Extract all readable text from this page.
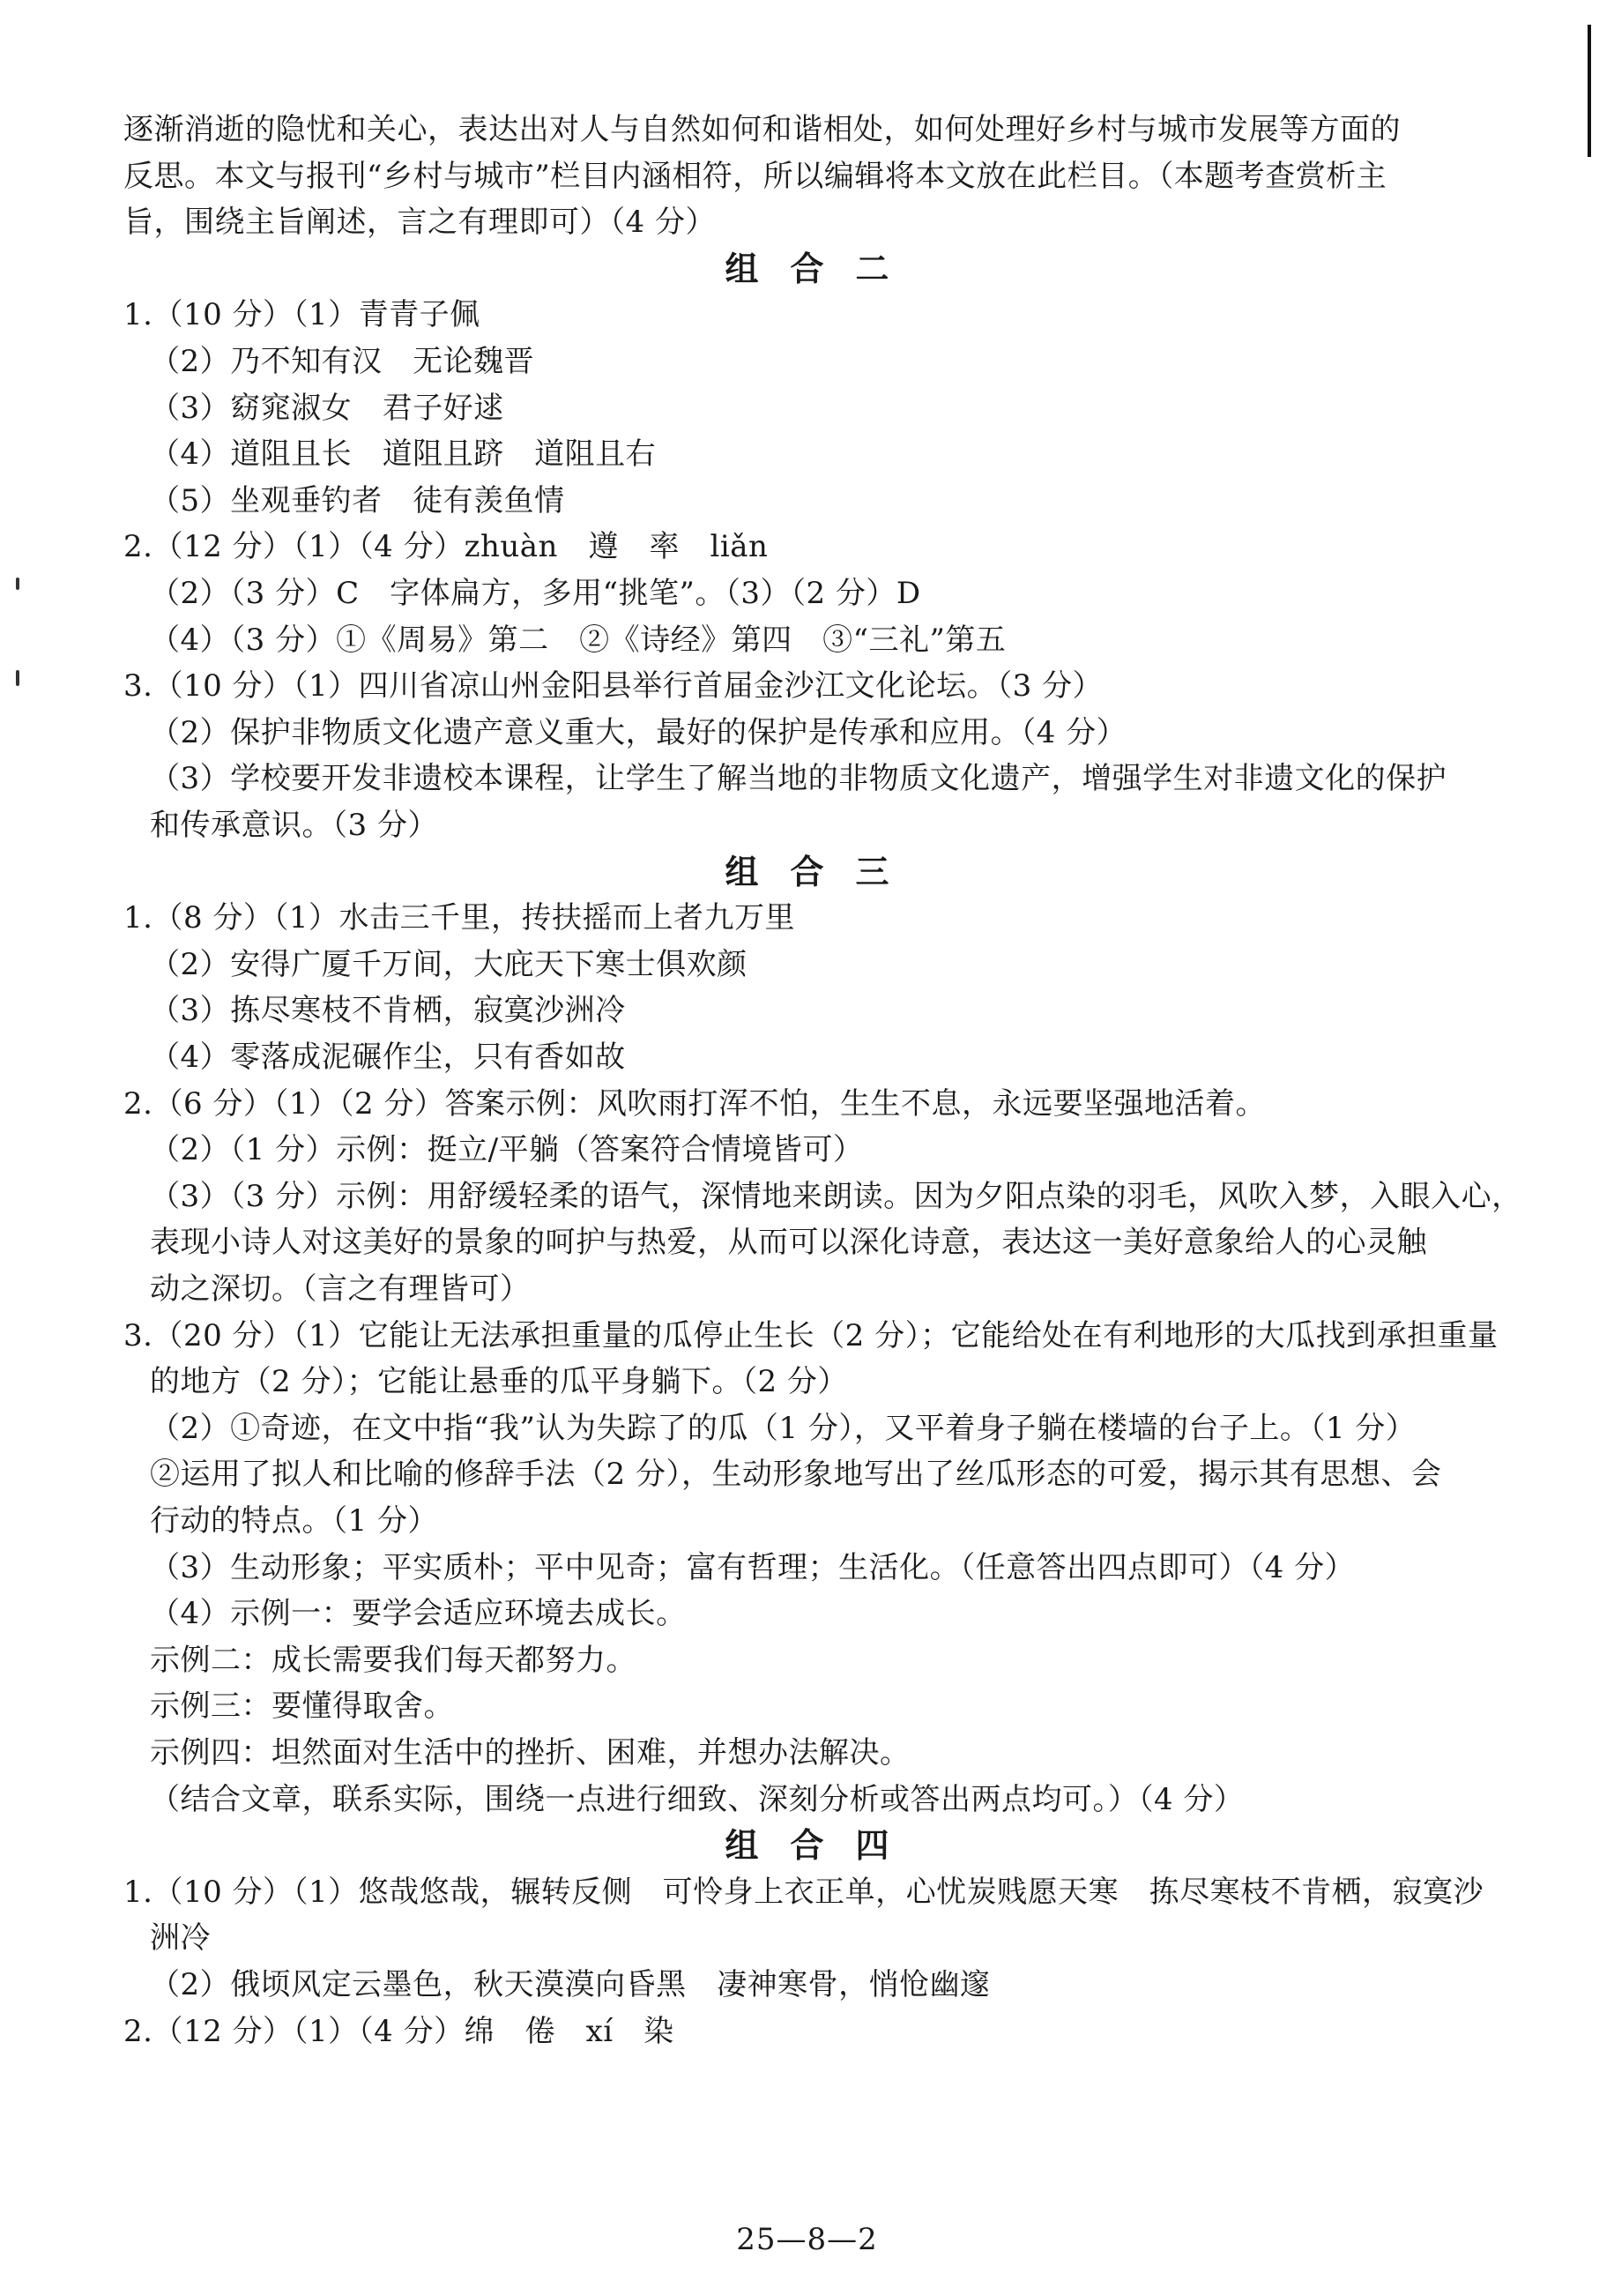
逐渐消逝的隐忧和关心，表达出对人与自然如何和谐相处，如何处理好乡村与城市发展等方面的
反思。本文与报刊“乡村与城市”栏目内涵相符，所以编辑将本文放在此栏目。（本题考查赏析主
旨，围绕主旨阐述，言之有理即可）（4 分）
组合二
1.（10 分）（1）青青子佩
（2）乃不知有汉　无论魏晋
（3）窈窕淑女　君子好逑
（4）道阻且长　道阻且跻　道阻且右
（5）坐观垂钓者　徒有羡鱼情
2.（12 分）（1）（4 分）zhuàn　遵　率　liǎn
（2）（3 分）C　字体扁方，多用“挑笔”。（3）（2 分）D
（4）（3 分）①《周易》第二　②《诗经》第四　③“三礼”第五
3.（10 分）（1）四川省凉山州金阳县举行首届金沙江文化论坛。（3 分）
（2）保护非物质文化遗产意义重大，最好的保护是传承和应用。（4 分）
（3）学校要开发非遗校本课程，让学生了解当地的非物质文化遗产，增强学生对非遗文化的保护
和传承意识。（3 分）
组合三
1.（8 分）（1）水击三千里，抟扶摇而上者九万里
（2）安得广厦千万间，大庇天下寒士俱欢颜
（3）拣尽寒枝不肯栖，寂寞沙洲冷
（4）零落成泥碾作尘，只有香如故
2.（6 分）（1）（2 分）答案示例：风吹雨打浑不怕，生生不息，永远要坚强地活着。
（2）（1 分）示例：挺立/平躺（答案符合情境皆可）
（3）（3 分）示例：用舒缓轻柔的语气，深情地来朗读。因为夕阳点染的羽毛，风吹入梦，入眼入心，
表现小诗人对这美好的景象的呵护与热爱，从而可以深化诗意，表达这一美好意象给人的心灵触
动之深切。（言之有理皆可）
3.（20 分）（1）它能让无法承担重量的瓜停止生长（2 分）；它能给处在有利地形的大瓜找到承担重量
的地方（2 分）；它能让悬垂的瓜平身躺下。（2 分）
（2）①奇迹，在文中指“我”认为失踪了的瓜（1 分），又平着身子躺在楼墙的台子上。（1 分）
②运用了拟人和比喻的修辞手法（2 分），生动形象地写出了丝瓜形态的可爱，揭示其有思想、会
行动的特点。（1 分）
（3）生动形象；平实质朴；平中见奇；富有哲理；生活化。（任意答出四点即可）（4 分）
（4）示例一：要学会适应环境去成长。
示例二：成长需要我们每天都努力。
示例三：要懂得取舍。
示例四：坦然面对生活中的挫折、困难，并想办法解决。
（结合文章，联系实际，围绕一点进行细致、深刻分析或答出两点均可。）（4 分）
组合四
1.（10 分）（1）悠哉悠哉，辗转反侧　可怜身上衣正单，心忧炭贱愿天寒　拣尽寒枝不肯栖，寂寞沙
洲冷
（2）俄顷风定云墨色，秋天漠漠向昏黑　凄神寒骨，悄怆幽邃
2.（12 分）（1）（4 分）绵　倦　xí　染
25—8—2
